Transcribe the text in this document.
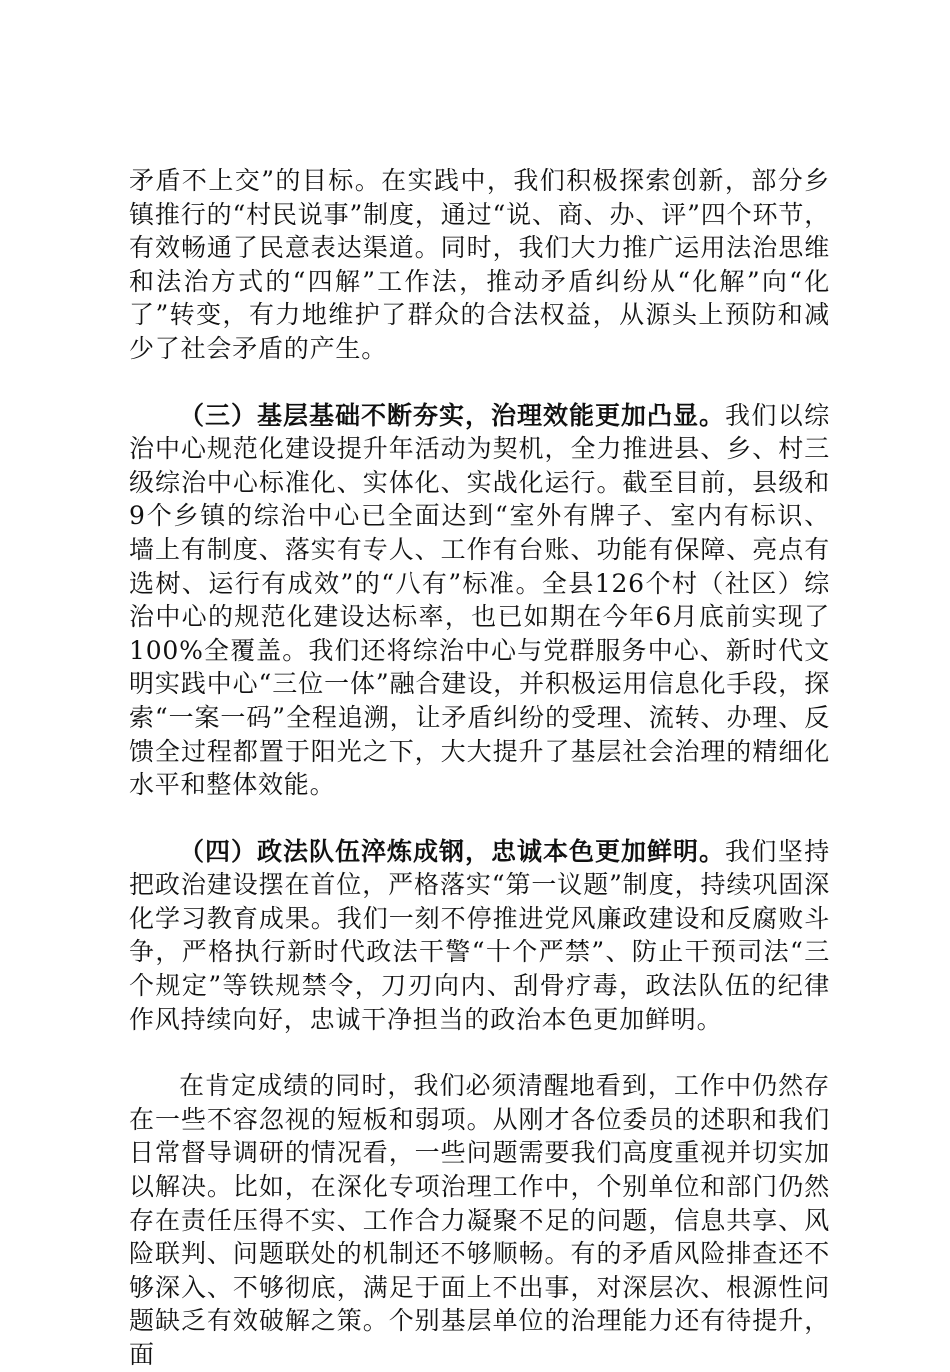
矛盾不上交”的目标。在实践中，我们积极探索创新，部分乡镇推行的“村民说事”制度，通过“说、商、办、评”四个环节，有效畅通了民意表达渠道。同时，我们大力推广运用法治思维和法治方式的“四解”工作法，推动矛盾纠纷从“化解”向“化了”转变，有力地维护了群众的合法权益，从源头上预防和减少了社会矛盾的产生。

（三）基层基础不断夯实，治理效能更加凸显。我们以综治中心规范化建设提升年活动为契机，全力推进县、乡、村三级综治中心标准化、实体化、实战化运行。截至目前，县级和9个乡镇的综治中心已全面达到“室外有牌子、室内有标识、墙上有制度、落实有专人、工作有台账、功能有保障、亮点有选树、运行有成效”的“八有”标准。全县126个村（社区）综治中心的规范化建设达标率，也已如期在今年6月底前实现了100%全覆盖。我们还将综治中心与党群服务中心、新时代文明实践中心“三位一体”融合建设，并积极运用信息化手段，探索“一案一码”全程追溯，让矛盾纠纷的受理、流转、办理、反馈全过程都置于阳光之下，大大提升了基层社会治理的精细化水平和整体效能。

（四）政法队伍淬炼成钢，忠诚本色更加鲜明。我们坚持把政治建设摆在首位，严格落实“第一议题”制度，持续巩固深化学习教育成果。我们一刻不停推进党风廉政建设和反腐败斗争，严格执行新时代政法干警“十个严禁”、防止干预司法“三个规定”等铁规禁令，刀刃向内、刮骨疗毒，政法队伍的纪律作风持续向好，忠诚干净担当的政治本色更加鲜明。

在肯定成绩的同时，我们必须清醒地看到，工作中仍然存在一些不容忽视的短板和弱项。从刚才各位委员的述职和我们日常督导调研的情况看，一些问题需要我们高度重视并切实加以解决。比如，在深化专项治理工作中，个别单位和部门仍然存在责任压得不实、工作合力凝聚不足的问题，信息共享、风险联判、问题联处的机制还不够顺畅。有的矛盾风险排查还不够深入、不够彻底，满足于面上不出事，对深层次、根源性问题缺乏有效破解之策。个别基层单位的治理能力还有待提升，面
